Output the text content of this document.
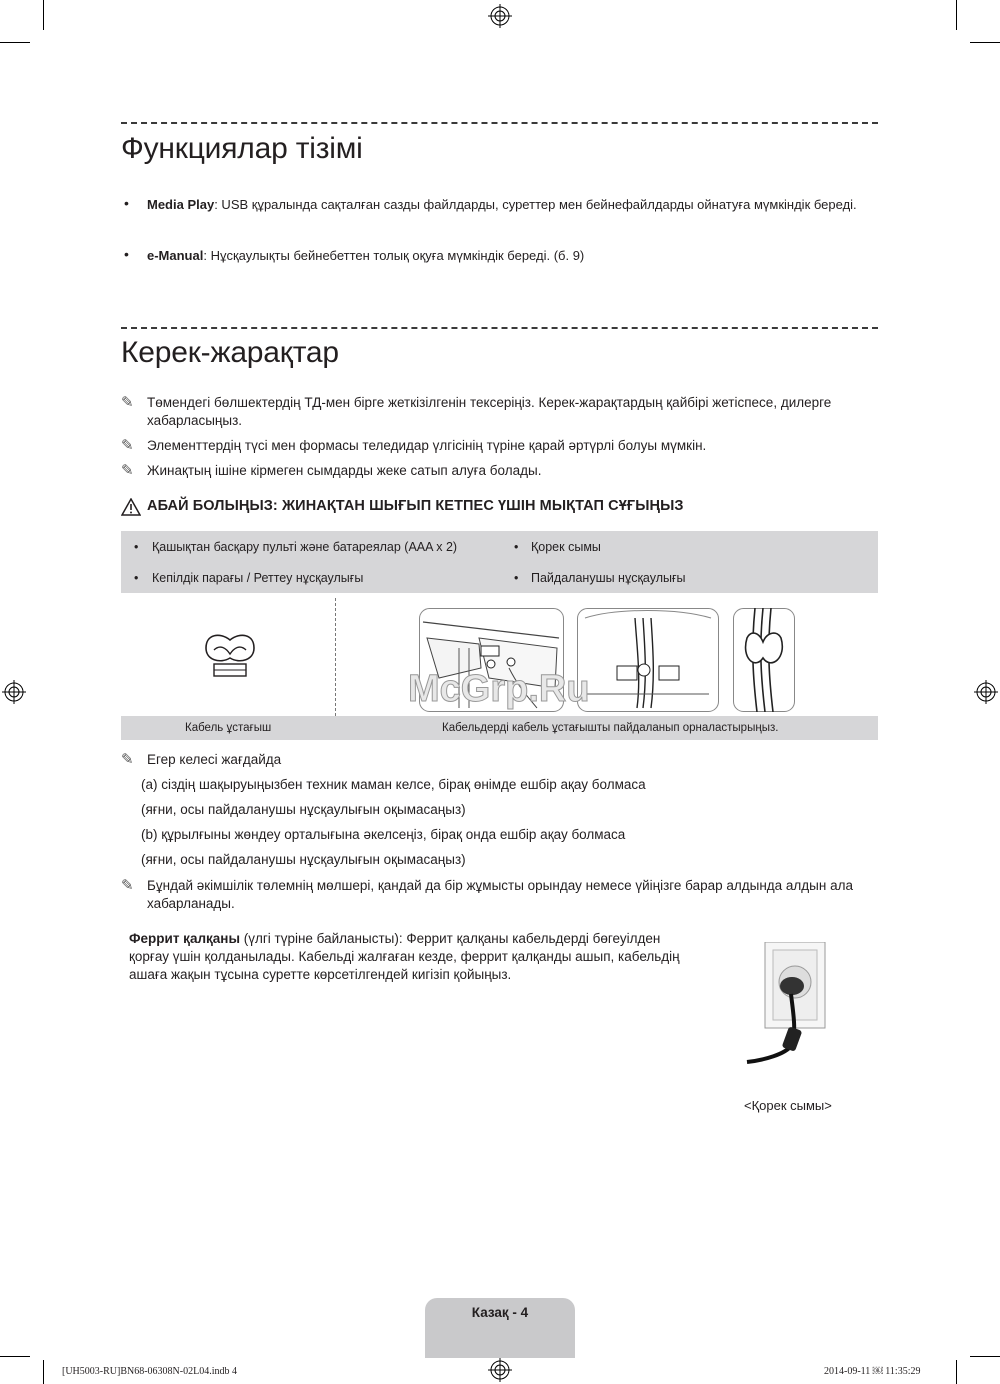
Функциялар тізімі
• Media Play: USB құралында сақталған сазды файлдарды, суреттер мен бейнефайлдарды ойнатуға мүмкіндік береді.
• e-Manual: Нұсқаулықты бейнебеттен толық оқуға мүмкіндік береді. (б. 9)
Керек-жарақтар
✎ Төмендегі бөлшектердің ТД-мен бірге жеткізілгенін тексеріңіз. Керек-жарақтардың қайбірі жетіспесе, дилерге хабарласыңыз.
✎ Элементтердің түсі мен формасы теледидар үлгісінің түріне қарай әртүрлі болуы мүмкін.
✎ Жинақтың ішіне кірмеген сымдарды жеке сатып алуға болады.
АБАЙ БОЛЫҢЫЗ: ЖИНАҚТАН ШЫҒЫП КЕТПЕС ҮШІН МЫҚТАП СҰҒЫҢЫЗ
• Қашықтан басқару пульті және батареялар (AAA x 2)	• Қорек сымы
• Кепілдік парағы / Реттеу нұсқаулығы	• Пайдаланушы нұсқаулығы
McGrp.Ru
Кабель ұстағыш	Кабельдерді кабель ұстағышты пайдаланып орналастырыңыз.
✎ Егер келесі жағдайда
(a) сіздің шақыруыңызбен техник маман келсе, бірақ өнімде ешбір ақау болмаса
(яғни, осы пайдаланушы нұсқаулығын оқымасаңыз)
(b) құрылғыны жөндеу орталығына әкелсеңіз, бірақ онда ешбір ақау болмаса
(яғни, осы пайдаланушы нұсқаулығын оқымасаңыз)
✎ Бұндай әкімшілік төлемнің мөлшері, қандай да бір жұмысты орындау немесе үйіңізге барар алдында алдын ала хабарланады.
Феррит қалқаны (үлгі түріне байланысты): Феррит қалқаны кабельдерді бөгеуілден қорғау үшін қолданылады. Кабельді жалғаған кезде, феррит қалқанды ашып, кабельдің ашаға жақын тұсына суретте көрсетілгендей кигізіп қойыңыз.
<Қорек сымы>
Казақ - 4
[UH5003-RU]BN68-06308N-02L04.indb 4	2014-09-11 ￼ 11:35:29
